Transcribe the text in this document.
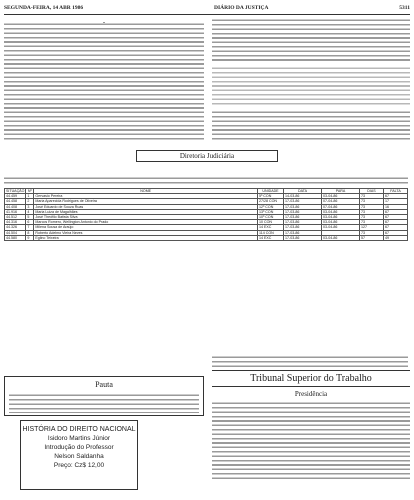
SEGUNDA-FEIRA, 14 ABR 1986	DIÁRIO DA JUSTIÇA	5311

Diretoria Judiciária
SITUAÇÃO	Nº	NOME	UNIDADE	DATA	PARA	DIAS	FALTA
44.459	1	Gervasio Pereira	5º CON	14-03-86	03-04-86	73	67
44.458	2	Maria Aparecida Rodrigues de Oliveira	27/28 CON	17-03-86	07-04-86	73	17
44.408	3	José Eduardo de Souza Ruas	12º CON	17-03-86	07-04-86	73	16
41.916	4	Maria Luiza de Magalhães	13º CON	17-03-86	03-04-86	73	67
44.512	5	José Theófilo Batista Silva	10º CON	17-03-86	03-04-86	73	67
44.316	6	Marcos Romero, Wellington Antonio do Prado	10 CON	17-03-86	03-04-86	73	67
44.326	7	Milena Sousa de Araújo	14 EXC	17-03-86	03-04-86	127	67
44.504	8	Roberto Adelmo Vieira Neves	114 CON	17-03-86		73	67
44.580	9	Eglino Teixeira	14 EXC	17-03-86	03-04-86	57	49
Pauta
Tribunal Superior do Trabalho
Presidência
HISTÓRIA DO DIREITO NACIONAL
Isidoro Martins Júnior
Introdução do Professor
Nelson Saldanha
Preço: Cz$ 12,00
